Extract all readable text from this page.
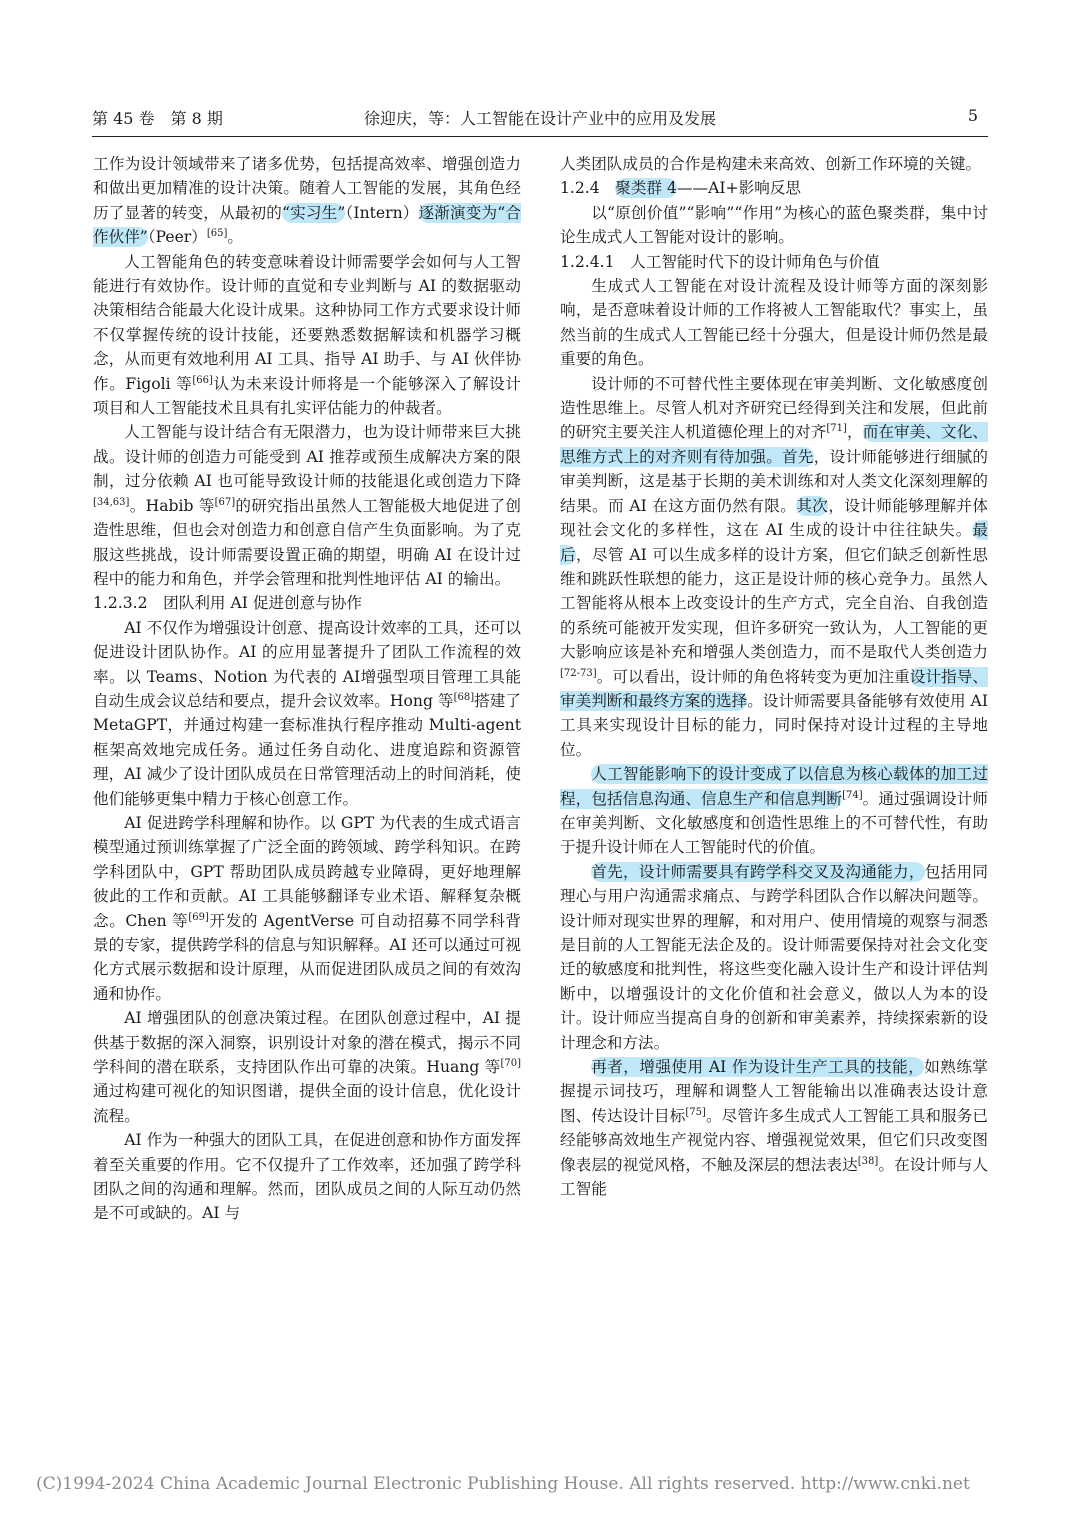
第 45 卷　第 8 期	徐迎庆，等：人工智能在设计产业中的应用及发展	5

工作为设计领域带来了诸多优势，包括提高效率、增强创造力和做出更加精准的设计决策。随着人工智能的发展，其角色经历了显著的转变，从最初的“实习生”（Intern）逐渐演变为“合作伙伴”（Peer）[65]。

人工智能角色的转变意味着设计师需要学会如何与人工智能进行有效协作。设计师的直觉和专业判断与 AI 的数据驱动决策相结合能最大化设计成果。这种协同工作方式要求设计师不仅掌握传统的设计技能，还要熟悉数据解读和机器学习概念，从而更有效地利用 AI 工具、指导 AI 助手、与 AI 伙伴协作。Figoli 等[66]认为未来设计师将是一个能够深入了解设计项目和人工智能技术且具有扎实评估能力的仲裁者。

人工智能与设计结合有无限潜力，也为设计师带来巨大挑战。设计师的创造力可能受到 AI 推荐或预生成解决方案的限制，过分依赖 AI 也可能导致设计师的技能退化或创造力下降[34,63]。Habib 等[67]的研究指出虽然人工智能极大地促进了创造性思维，但也会对创造力和创意自信产生负面影响。为了克服这些挑战，设计师需要设置正确的期望，明确 AI 在设计过程中的能力和角色，并学会管理和批判性地评估 AI 的输出。

1.2.3.2　团队利用 AI 促进创意与协作

AI 不仅作为增强设计创意、提高设计效率的工具，还可以促进设计团队协作。AI 的应用显著提升了团队工作流程的效率。以 Teams、Notion 为代表的 AI增强型项目管理工具能自动生成会议总结和要点，提升会议效率。Hong 等[68]搭建了 MetaGPT，并通过构建一套标准执行程序推动 Multi-agent 框架高效地完成任务。通过任务自动化、进度追踪和资源管理，AI 减少了设计团队成员在日常管理活动上的时间消耗，使他们能够更集中精力于核心创意工作。

AI 促进跨学科理解和协作。以 GPT 为代表的生成式语言模型通过预训练掌握了广泛全面的跨领域、跨学科知识。在跨学科团队中，GPT 帮助团队成员跨越专业障碍，更好地理解彼此的工作和贡献。AI 工具能够翻译专业术语、解释复杂概念。Chen 等[69]开发的 AgentVerse 可自动招募不同学科背景的专家，提供跨学科的信息与知识解释。AI 还可以通过可视化方式展示数据和设计原理，从而促进团队成员之间的有效沟通和协作。

AI 增强团队的创意决策过程。在团队创意过程中，AI 提供基于数据的深入洞察，识别设计对象的潜在模式，揭示不同学科间的潜在联系，支持团队作出可靠的决策。Huang 等[70]通过构建可视化的知识图谱，提供全面的设计信息，优化设计流程。

AI 作为一种强大的团队工具，在促进创意和协作方面发挥着至关重要的作用。它不仅提升了工作效率，还加强了跨学科团队之间的沟通和理解。然而，团队成员之间的人际互动仍然是不可或缺的。AI 与

人类团队成员的合作是构建未来高效、创新工作环境的关键。

1.2.4　聚类群 4——AI+影响反思

以“原创价值”“影响”“作用”为核心的蓝色聚类群，集中讨论生成式人工智能对设计的影响。

1.2.4.1　人工智能时代下的设计师角色与价值

生成式人工智能在对设计流程及设计师等方面的深刻影响，是否意味着设计师的工作将被人工智能取代？事实上，虽然当前的生成式人工智能已经十分强大，但是设计师仍然是最重要的角色。

设计师的不可替代性主要体现在审美判断、文化敏感度创造性思维上。尽管人机对齐研究已经得到关注和发展，但此前的研究主要关注人机道德伦理上的对齐[71]，而在审美、文化、思维方式上的对齐则有待加强。首先，设计师能够进行细腻的审美判断，这是基于长期的美术训练和对人类文化深刻理解的结果。而 AI 在这方面仍然有限。其次，设计师能够理解并体现社会文化的多样性，这在 AI 生成的设计中往往缺失。最后，尽管 AI 可以生成多样的设计方案，但它们缺乏创新性思维和跳跃性联想的能力，这正是设计师的核心竞争力。虽然人工智能将从根本上改变设计的生产方式，完全自治、自我创造的系统可能被开发实现，但许多研究一致认为，人工智能的更大影响应该是补充和增强人类创造力，而不是取代人类创造力[72-73]。可以看出，设计师的角色将转变为更加注重设计指导、审美判断和最终方案的选择。设计师需要具备能够有效使用 AI 工具来实现设计目标的能力，同时保持对设计过程的主导地位。

人工智能影响下的设计变成了以信息为核心载体的加工过程，包括信息沟通、信息生产和信息判断[74]。通过强调设计师在审美判断、文化敏感度和创造性思维上的不可替代性，有助于提升设计师在人工智能时代的价值。

首先，设计师需要具有跨学科交叉及沟通能力，包括用同理心与用户沟通需求痛点、与跨学科团队合作以解决问题等。设计师对现实世界的理解，和对用户、使用情境的观察与洞悉是目前的人工智能无法企及的。设计师需要保持对社会文化变迁的敏感度和批判性，将这些变化融入设计生产和设计评估判断中，以增强设计的文化价值和社会意义，做以人为本的设计。设计师应当提高自身的创新和审美素养，持续探索新的设计理念和方法。

再者，增强使用 AI 作为设计生产工具的技能，如熟练掌握提示词技巧，理解和调整人工智能输出以准确表达设计意图、传达设计目标[75]。尽管许多生成式人工智能工具和服务已经能够高效地生产视觉内容、增强视觉效果，但它们只改变图像表层的视觉风格，不触及深层的想法表达[38]。在设计师与人工智能

(C)1994-2024 China Academic Journal Electronic Publishing House. All rights reserved. http://www.cnki.net
